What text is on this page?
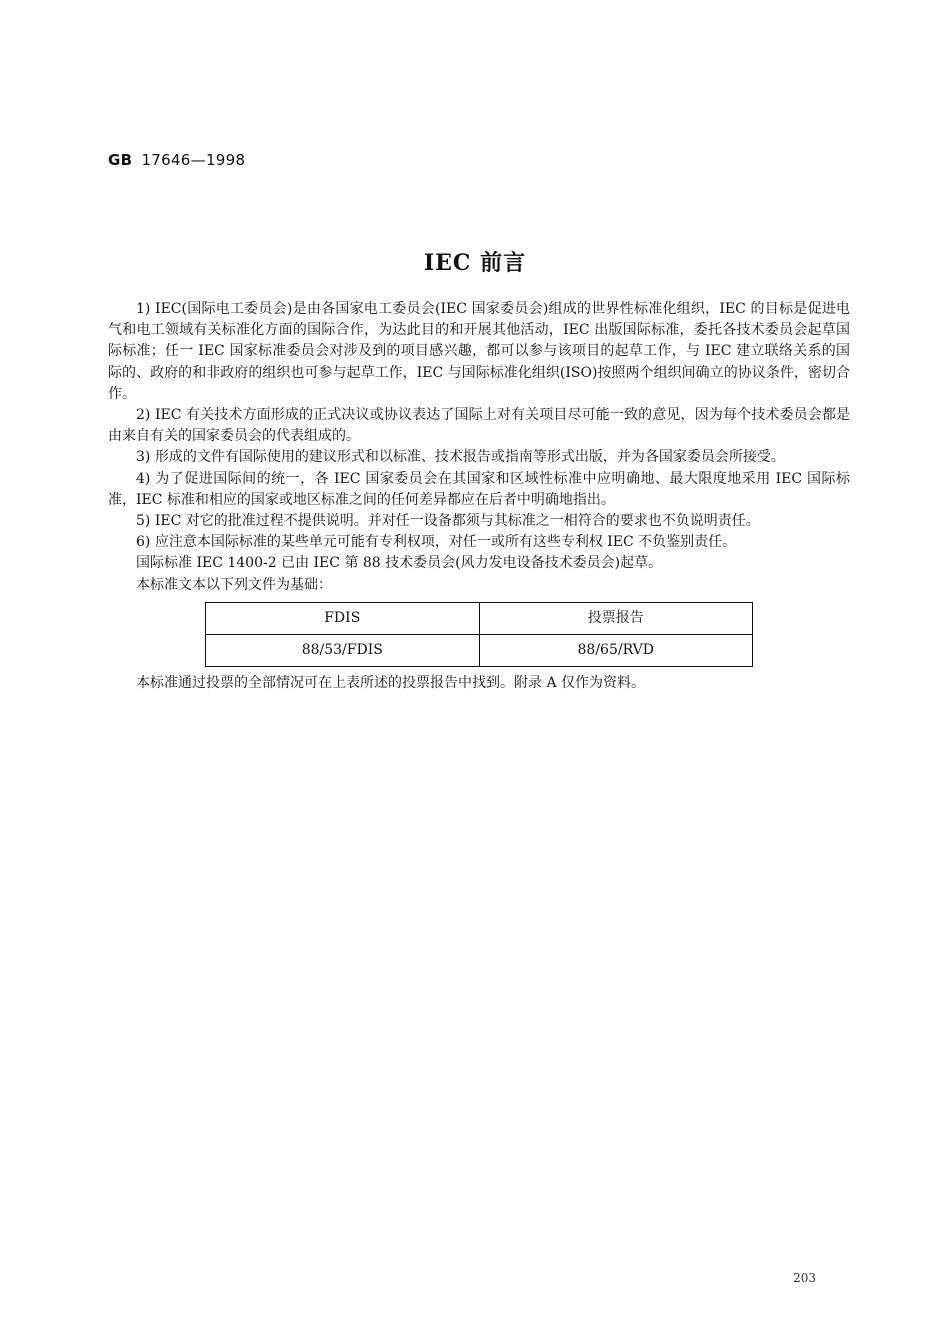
GB 17646—1998
IEC 前言

1) IEC(国际电工委员会)是由各国家电工委员会(IEC 国家委员会)组成的世界性标准化组织，IEC 的目标是促进电气和电工领域有关标准化方面的国际合作，为达此目的和开展其他活动，IEC 出版国际标准，委托各技术委员会起草国际标准；任一 IEC 国家标准委员会对涉及到的项目感兴趣，都可以参与该项目的起草工作，与 IEC 建立联络关系的国际的、政府的和非政府的组织也可参与起草工作，IEC 与国际标准化组织(ISO)按照两个组织间确立的协议条件，密切合作。

2) IEC 有关技术方面形成的正式决议或协议表达了国际上对有关项目尽可能一致的意见，因为每个技术委员会都是由来自有关的国家委员会的代表组成的。

3) 形成的文件有国际使用的建议形式和以标准、技术报告或指南等形式出版，并为各国家委员会所接受。

4) 为了促进国际间的统一，各 IEC 国家委员会在其国家和区域性标准中应明确地、最大限度地采用 IEC 国际标准，IEC 标准和相应的国家或地区标准之间的任何差异都应在后者中明确地指出。

5) IEC 对它的批准过程不提供说明。并对任一设备都须与其标准之一相符合的要求也不负说明责任。

6) 应注意本国际标准的某些单元可能有专利权项，对任一或所有这些专利权 IEC 不负鉴别责任。

国际标准 IEC 1400-2 已由 IEC 第 88 技术委员会(风力发电设备技术委员会)起草。

本标准文本以下列文件为基础：

FDIS	投票报告
88/53/FDIS	88/65/RVD

本标准通过投票的全部情况可在上表所述的投票报告中找到。附录 A 仅作为资料。

203
